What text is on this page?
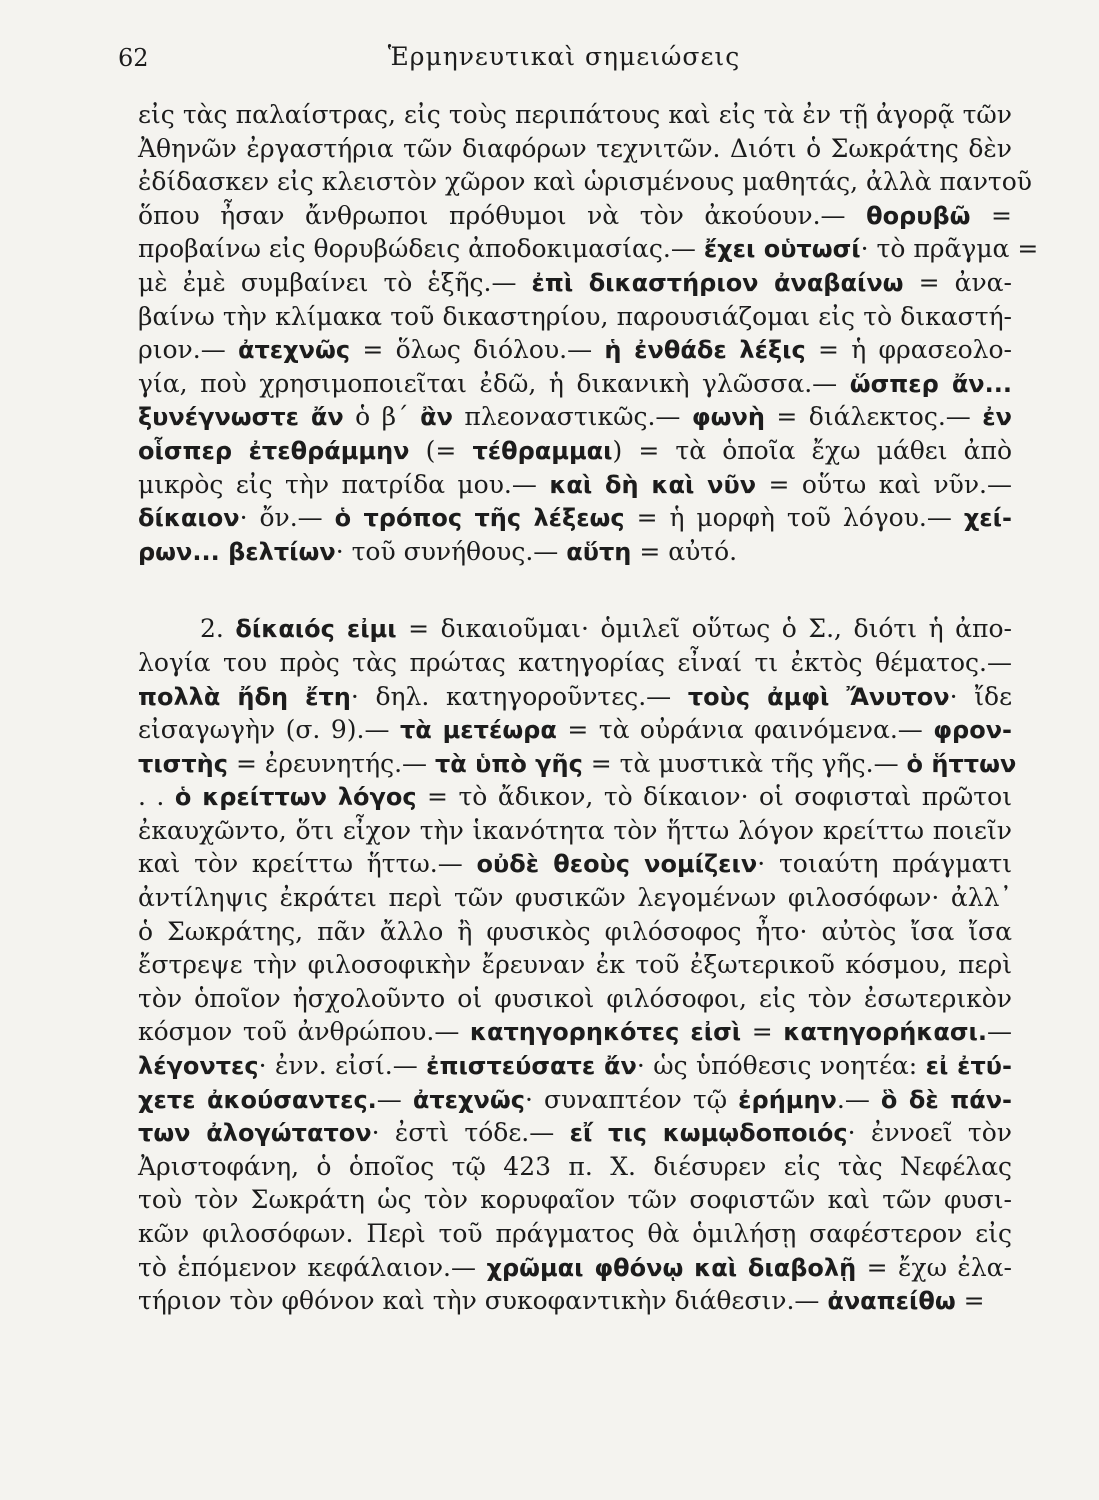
62	Ἑρμηνευτικαὶ σημειώσεις
εἰς τὰς παλαίστρας, εἰς τοὺς περιπάτους καὶ εἰς τὰ ἐν τῇ ἀγορᾷ τῶν
Ἀθηνῶν ἐργαστήρια τῶν διαφόρων τεχνιτῶν. Διότι ὁ Σωκράτης δὲν
ἐδίδασκεν εἰς κλειστὸν χῶρον καὶ ὡρισμένους μαθητάς, ἀλλὰ παντοῦ
ὅπου ἦσαν ἄνθρωποι πρόθυμοι νὰ τὸν ἀκούουν.— θορυβῶ =
προβαίνω εἰς θορυβώδεις ἀποδοκιμασίας.— ἔχει οὑτωσί· τὸ πρᾶγμα =
μὲ ἐμὲ συμβαίνει τὸ ἑξῆς.— ἐπὶ δικαστήριον ἀναβαίνω = ἀνα-
βαίνω τὴν κλίμακα τοῦ δικαστηρίου, παρουσιάζομαι εἰς τὸ δικαστή-
ριον.— ἀτεχνῶς = ὅλως διόλου.— ἡ ἐνθάδε λέξις = ἡ φρασεολο-
γία, ποὺ χρησιμοποιεῖται ἐδῶ, ἡ δικανικὴ γλῶσσα.— ὥσπερ ἄν...
ξυνέγνωστε ἄν ὁ β΄ ἂν πλεοναστικῶς.— φωνὴ = διάλεκτος.— ἐν
οἷσπερ ἐτεθράμμην (= τέθραμμαι) = τὰ ὁποῖα ἔχω μάθει ἀπὸ
μικρὸς εἰς τὴν πατρίδα μου.— καὶ δὴ καὶ νῦν = οὕτω καὶ νῦν.—
δίκαιον· ὄν.— ὁ τρόπος τῆς λέξεως = ἡ μορφὴ τοῦ λόγου.— χεί-
ρων... βελτίων· τοῦ συνήθους.— αὕτη = αὐτό.
2. δίκαιός εἰμι = δικαιοῦμαι· ὁμιλεῖ οὕτως ὁ Σ., διότι ἡ ἀπο-
λογία του πρὸς τὰς πρώτας κατηγορίας εἶναί τι ἐκτὸς θέματος.—
πολλὰ ἤδη ἔτη· δηλ. κατηγοροῦντες.— τοὺς ἀμφὶ Ἄνυτον· ἴδε
εἰσαγωγὴν (σ. 9).— τὰ μετέωρα = τὰ οὐράνια φαινόμενα.— φρον-
τιστὴς = ἐρευνητής.— τὰ ὑπὸ γῆς = τὰ μυστικὰ τῆς γῆς.— ὁ ἥττων
. . ὁ κρείττων λόγος = τὸ ἄδικον, τὸ δίκαιον· οἱ σοφισταὶ πρῶτοι
ἐκαυχῶντο, ὅτι εἶχον τὴν ἱκανότητα τὸν ἥττω λόγον κρείττω ποιεῖν
καὶ τὸν κρείττω ἥττω.— οὐδὲ θεοὺς νομίζειν· τοιαύτη πράγματι
ἀντίληψις ἐκράτει περὶ τῶν φυσικῶν λεγομένων φιλοσόφων· ἀλλ᾿
ὁ Σωκράτης, πᾶν ἄλλο ἢ φυσικὸς φιλόσοφος ἦτο· αὐτὸς ἴσα ἴσα
ἔστρεψε τὴν φιλοσοφικὴν ἔρευναν ἐκ τοῦ ἐξωτερικοῦ κόσμου, περὶ
τὸν ὁποῖον ἠσχολοῦντο οἱ φυσικοὶ φιλόσοφοι, εἰς τὸν ἐσωτερικὸν
κόσμον τοῦ ἀνθρώπου.— κατηγορηκότες εἰσὶ = κατηγορήκασι.—
λέγοντες· ἐνν. εἰσί.— ἐπιστεύσατε ἄν· ὡς ὑπόθεσις νοητέα: εἰ ἐτύ-
χετε ἀκούσαντες.— ἀτεχνῶς· συναπτέον τῷ ἐρήμην.— ὃ δὲ πάν-
των ἀλογώτατον· ἐστὶ τόδε.— εἴ τις κωμῳδοποιός· ἐννοεῖ τὸν
Ἀριστοφάνη, ὁ ὁποῖος τῷ 423 π. Χ. διέσυρεν εἰς τὰς Νεφέλας
τοὺ τὸν Σωκράτη ὡς τὸν κορυφαῖον τῶν σοφιστῶν καὶ τῶν φυσι-
κῶν φιλοσόφων. Περὶ τοῦ πράγματος θὰ ὁμιλήσῃ σαφέστερον εἰς
τὸ ἑπόμενον κεφάλαιον.— χρῶμαι φθόνῳ καὶ διαβολῇ = ἔχω ἐλα-
τήριον τὸν φθόνον καὶ τὴν συκοφαντικὴν διάθεσιν.— ἀναπείθω =
